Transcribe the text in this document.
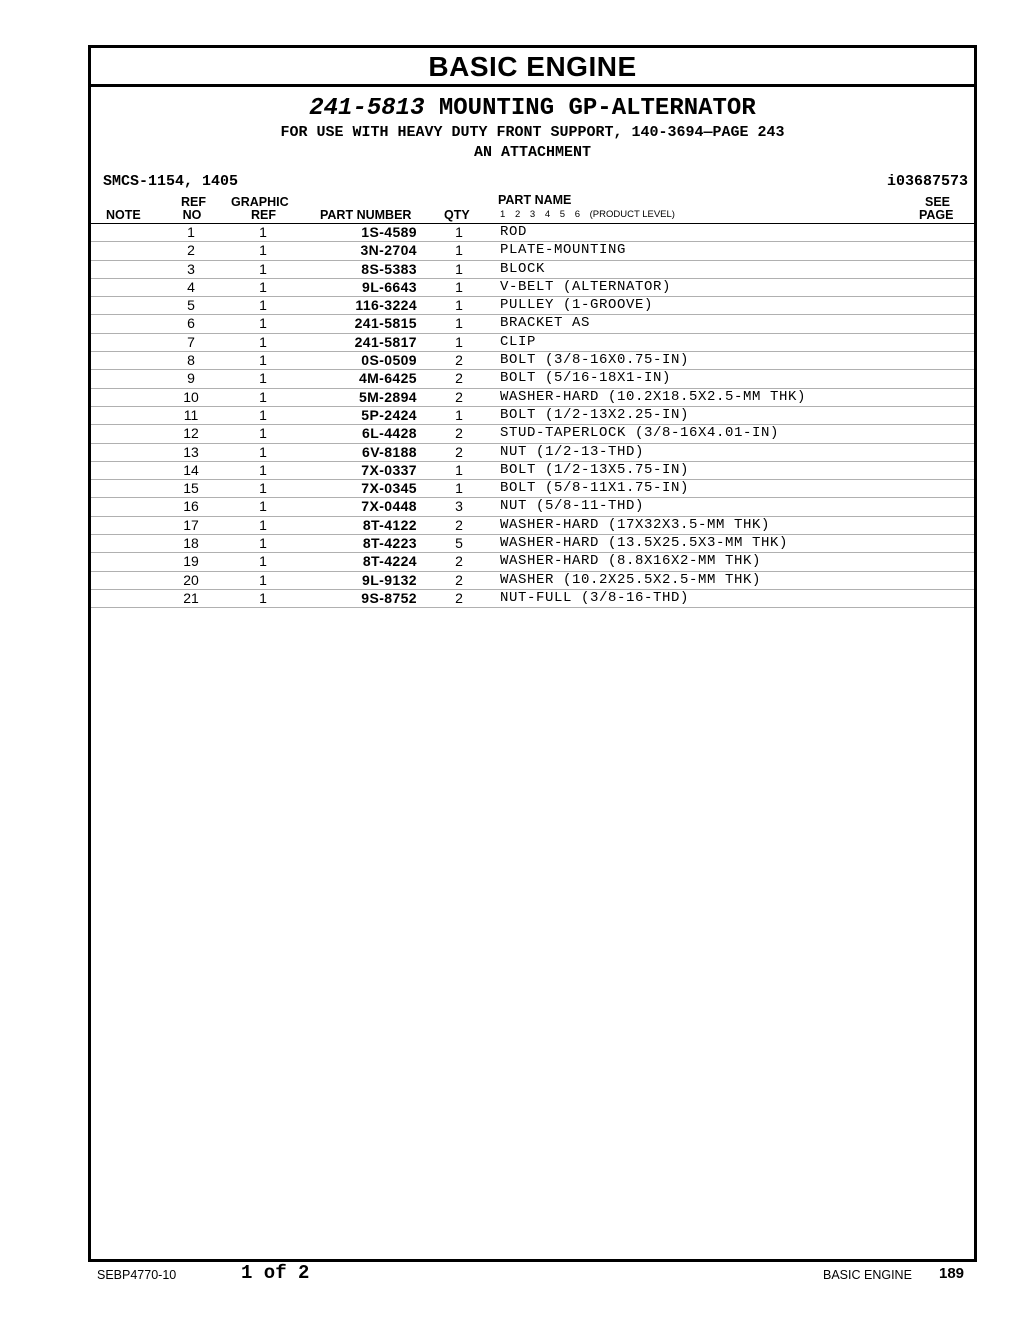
BASIC ENGINE
241-5813 MOUNTING GP-ALTERNATOR
FOR USE WITH HEAVY DUTY FRONT SUPPORT, 140-3694—PAGE 243
AN ATTACHMENT
SMCS-1154, 1405	i03687573
NOTE
REF
NO
GRAPHIC
REF	PART NUMBER	QTY
PART NAME
1 2 3 4 5 6 (PRODUCT LEVEL)
SEE
PAGE
1	1	1S-4589	1	ROD
2	1	3N-2704	1	PLATE-MOUNTING
3	1	8S-5383	1	BLOCK
4	1	9L-6643	1	V-BELT (ALTERNATOR)
5	1	116-3224	1	PULLEY (1-GROOVE)
6	1	241-5815	1	BRACKET AS
7	1	241-5817	1	CLIP
8	1	0S-0509	2	BOLT (3/8-16X0.75-IN)
9	1	4M-6425	2	BOLT (5/16-18X1-IN)
10	1	5M-2894	2	WASHER-HARD (10.2X18.5X2.5-MM THK)
11	1	5P-2424	1	BOLT (1/2-13X2.25-IN)
12	1	6L-4428	2	STUD-TAPERLOCK (3/8-16X4.01-IN)
13	1	6V-8188	2	NUT (1/2-13-THD)
14	1	7X-0337	1	BOLT (1/2-13X5.75-IN)
15	1	7X-0345	1	BOLT (5/8-11X1.75-IN)
16	1	7X-0448	3	NUT (5/8-11-THD)
17	1	8T-4122	2	WASHER-HARD (17X32X3.5-MM THK)
18	1	8T-4223	5	WASHER-HARD (13.5X25.5X3-MM THK)
19	1	8T-4224	2	WASHER-HARD (8.8X16X2-MM THK)
20	1	9L-9132	2	WASHER (10.2X25.5X2.5-MM THK)
21	1	9S-8752	2	NUT-FULL (3/8-16-THD)
SEBP4770-10	1 of 2	BASIC ENGINE 189
